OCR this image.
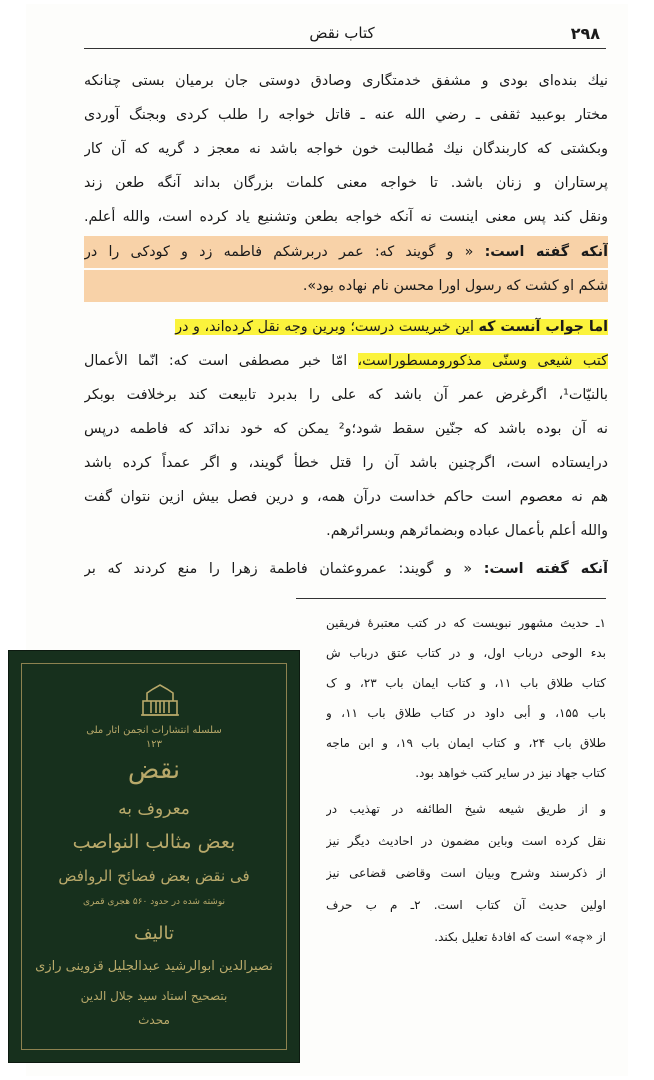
۲۹۸
کتاب نقض
نیك بنده‌ای بودی و مشفق خدمتگاری وصادق دوستی جان برمیان بستی چنانکه
مختار بوعبید ثقفی ـ رضي الله عنه ـ قاتل خواجه را طلب کردی وبجنگ آوردی
وبکشتی که کاربندگان نیك مُطالبت خون خواجه باشد نه معجز د گریه که آن کار
پرستاران و زنان باشد. تا خواجه معنی کلمات بزرگان بداند آنگه طعن زند
ونقل کند پس معنی اینست نه آنکه خواجه بطعن وتشنیع یاد کرده است، والله أعلم.
آنکه گفته است: « و گویند که: عمر دربرشکم فاطمه زد و کودکی را در
شکم او کشت که رسول اورا محسن نام نهاده بود».
اما جواب آنست که این خبریست درست؛ وبرین وجه نقل کرده‌اند، و در
کتب شیعی وسنّی مذکورومسطوراست، امّا خبر مصطفی است که: انّما الأعمال
بالنیّات¹، اگرغرض عمر آن باشد که علی را بدبرد تابیعت کند برخلافت بوبکر
نه آن بوده باشد که جنّین سقط شود؛و² یمکن که خود ندانَد که فاطمه درپس
درایستاده است، اگرچنین باشد آن را قتل خطأ گویند، و اگر عمداً کرده باشد
هم نه معصوم است حاکم خداست درآن همه، و درین فصل بیش ازین نتوان گفت
والله أعلم بأعمال عباده وبضمائرهم وبسرائرهم.
آنکه گفته است: « و گویند: عمروعثمان فاطمة زهرا را منع کردند که بر
۱ـ حدیث مشهور نبویست که در کتب معتبرهٔ فریقین
بدء الوحی درباب اول، و در کتاب عتق درباب ش
کتاب طلاق باب ۱۱، و کتاب ایمان باب ۲۳، و ک
باب ۱۵۵، و أبی داود در کتاب طلاق باب ۱۱، و
طلاق باب ۲۴، و کتاب ایمان باب ۱۹، و ابن ماجه
کتاب جهاد نیز در سایر کتب خواهد بود.
و از طریق شیعه شیخ الطائفه در تهذیب در
نقل کرده است وباین مضمون در احادیث دیگر نیز
از ذکرسند وشرح وبیان است وقاضی قضاعی نیز
اولین حدیث آن کتاب است. ۲ـ م ب حرف
از «چه» است که افادهٔ تعلیل بکند.
سلسله انتشارات انجمن آثار ملی
۱۲۳
نقض
معروف به
بعض مثالب النواصب
فی نقض بعض فضائح الروافض
نوشته شده در حدود ۵۶۰ هجری قمری
تالیف
نصیرالدین ابوالرشید عبدالجلیل قزوینی رازی
بتصحیح استاد سید جلال الدین
محدث
